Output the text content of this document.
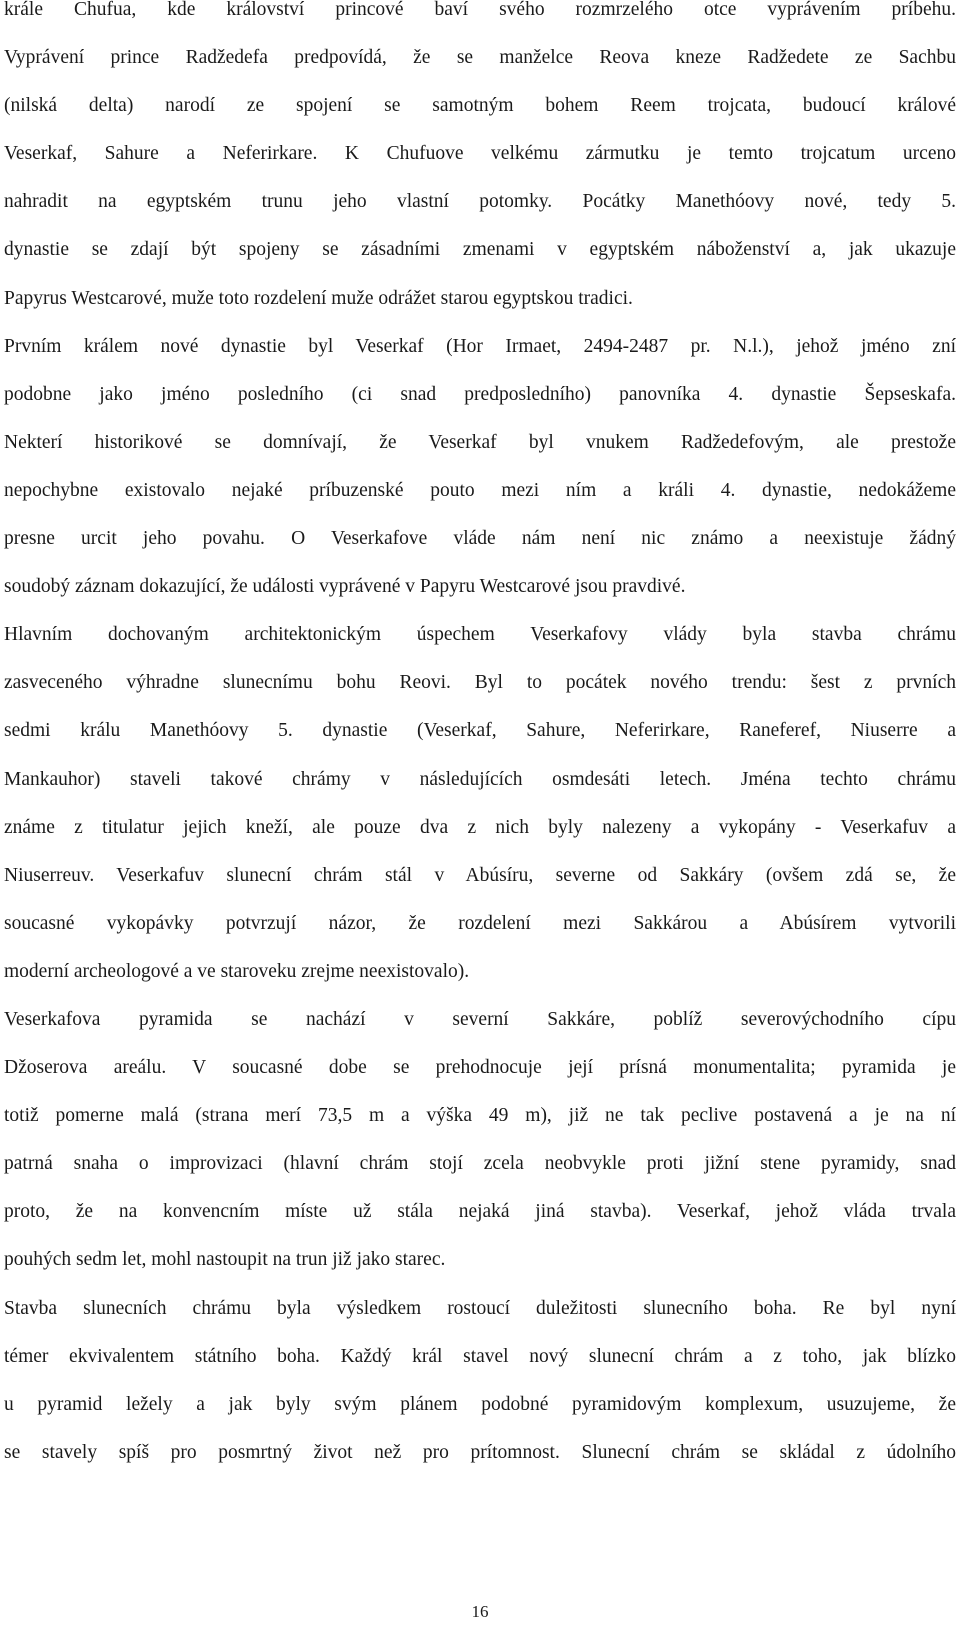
krále Chufua, kde království princové baví svého rozmrzelého otce vyprávením príbehu.
Vyprávení prince Radžedefa predpovídá, že se manželce Reova kneze Radžedete ze Sachbu
(nilská delta) narodí ze spojení se samotným bohem Reem trojcata, budoucí králové
Veserkaf, Sahure a Neferirkare. K Chufuove velkému zármutku je temto trojcatum urceno
nahradit na egyptském trunu jeho vlastní potomky. Pocátky Manethóovy nové, tedy 5.
dynastie se zdají být spojeny se zásadními zmenami v egyptském náboženství a, jak ukazuje
Papyrus Westcarové, muže toto rozdelení muže odrážet starou egyptskou tradici.
Prvním králem nové dynastie byl Veserkaf (Hor Irmaet, 2494-2487 pr. N.l.), jehož jméno zní
podobne jako jméno posledního (ci snad predposledního) panovníka 4. dynastie Šepseskafa.
Nekterí historikové se domnívají, že Veserkaf byl vnukem Radžedefovým, ale prestože
nepochybne existovalo nejaké príbuzenské pouto mezi ním a králi 4. dynastie, nedokážeme
presne urcit jeho povahu. O Veserkafove vláde nám není nic známo a neexistuje žádný
soudobý záznam dokazující, že události vyprávené v Papyru Westcarové jsou pravdivé.
Hlavním dochovaným architektonickým úspechem Veserkafovy vlády byla stavba chrámu
zasveceného výhradne slunecnímu bohu Reovi. Byl to pocátek nového trendu: šest z prvních
sedmi králu Manethóovy 5. dynastie (Veserkaf, Sahure, Neferirkare, Raneferef, Niuserre a
Mankauhor) staveli takové chrámy v následujících osmdesáti letech. Jména techto chrámu
známe z titulatur jejich kneží, ale pouze dva z nich byly nalezeny a vykopány - Veserkafuv a
Niuserreuv. Veserkafuv slunecní chrám stál v Abúsíru, severne od Sakkáry (ovšem zdá se, že
soucasné vykopávky potvrzují názor, že rozdelení mezi Sakkárou a Abúsírem vytvorili
moderní archeologové a ve staroveku zrejme neexistovalo).
Veserkafova pyramida se nachází v severní Sakkáre, poblíž severovýchodního cípu
Džoserova areálu. V soucasné dobe se prehodnocuje její prísná monumentalita; pyramida je
totiž pomerne malá (strana merí 73,5 m a výška 49 m), již ne tak peclive postavená a je na ní
patrná snaha o improvizaci (hlavní chrám stojí zcela neobvykle proti jižní stene pyramidy, snad
proto, že na konvencním míste už stála nejaká jiná stavba). Veserkaf, jehož vláda trvala
pouhých sedm let, mohl nastoupit na trun již jako starec.
Stavba slunecních chrámu byla výsledkem rostoucí duležitosti slunecního boha. Re byl nyní
témer ekvivalentem státního boha. Každý král stavel nový slunecní chrám a z toho, jak blízko
u pyramid ležely a jak byly svým plánem podobné pyramidovým komplexum, usuzujeme, že
se stavely spíš pro posmrtný život než pro prítomnost. Slunecní chrám se skládal z údolního
16
